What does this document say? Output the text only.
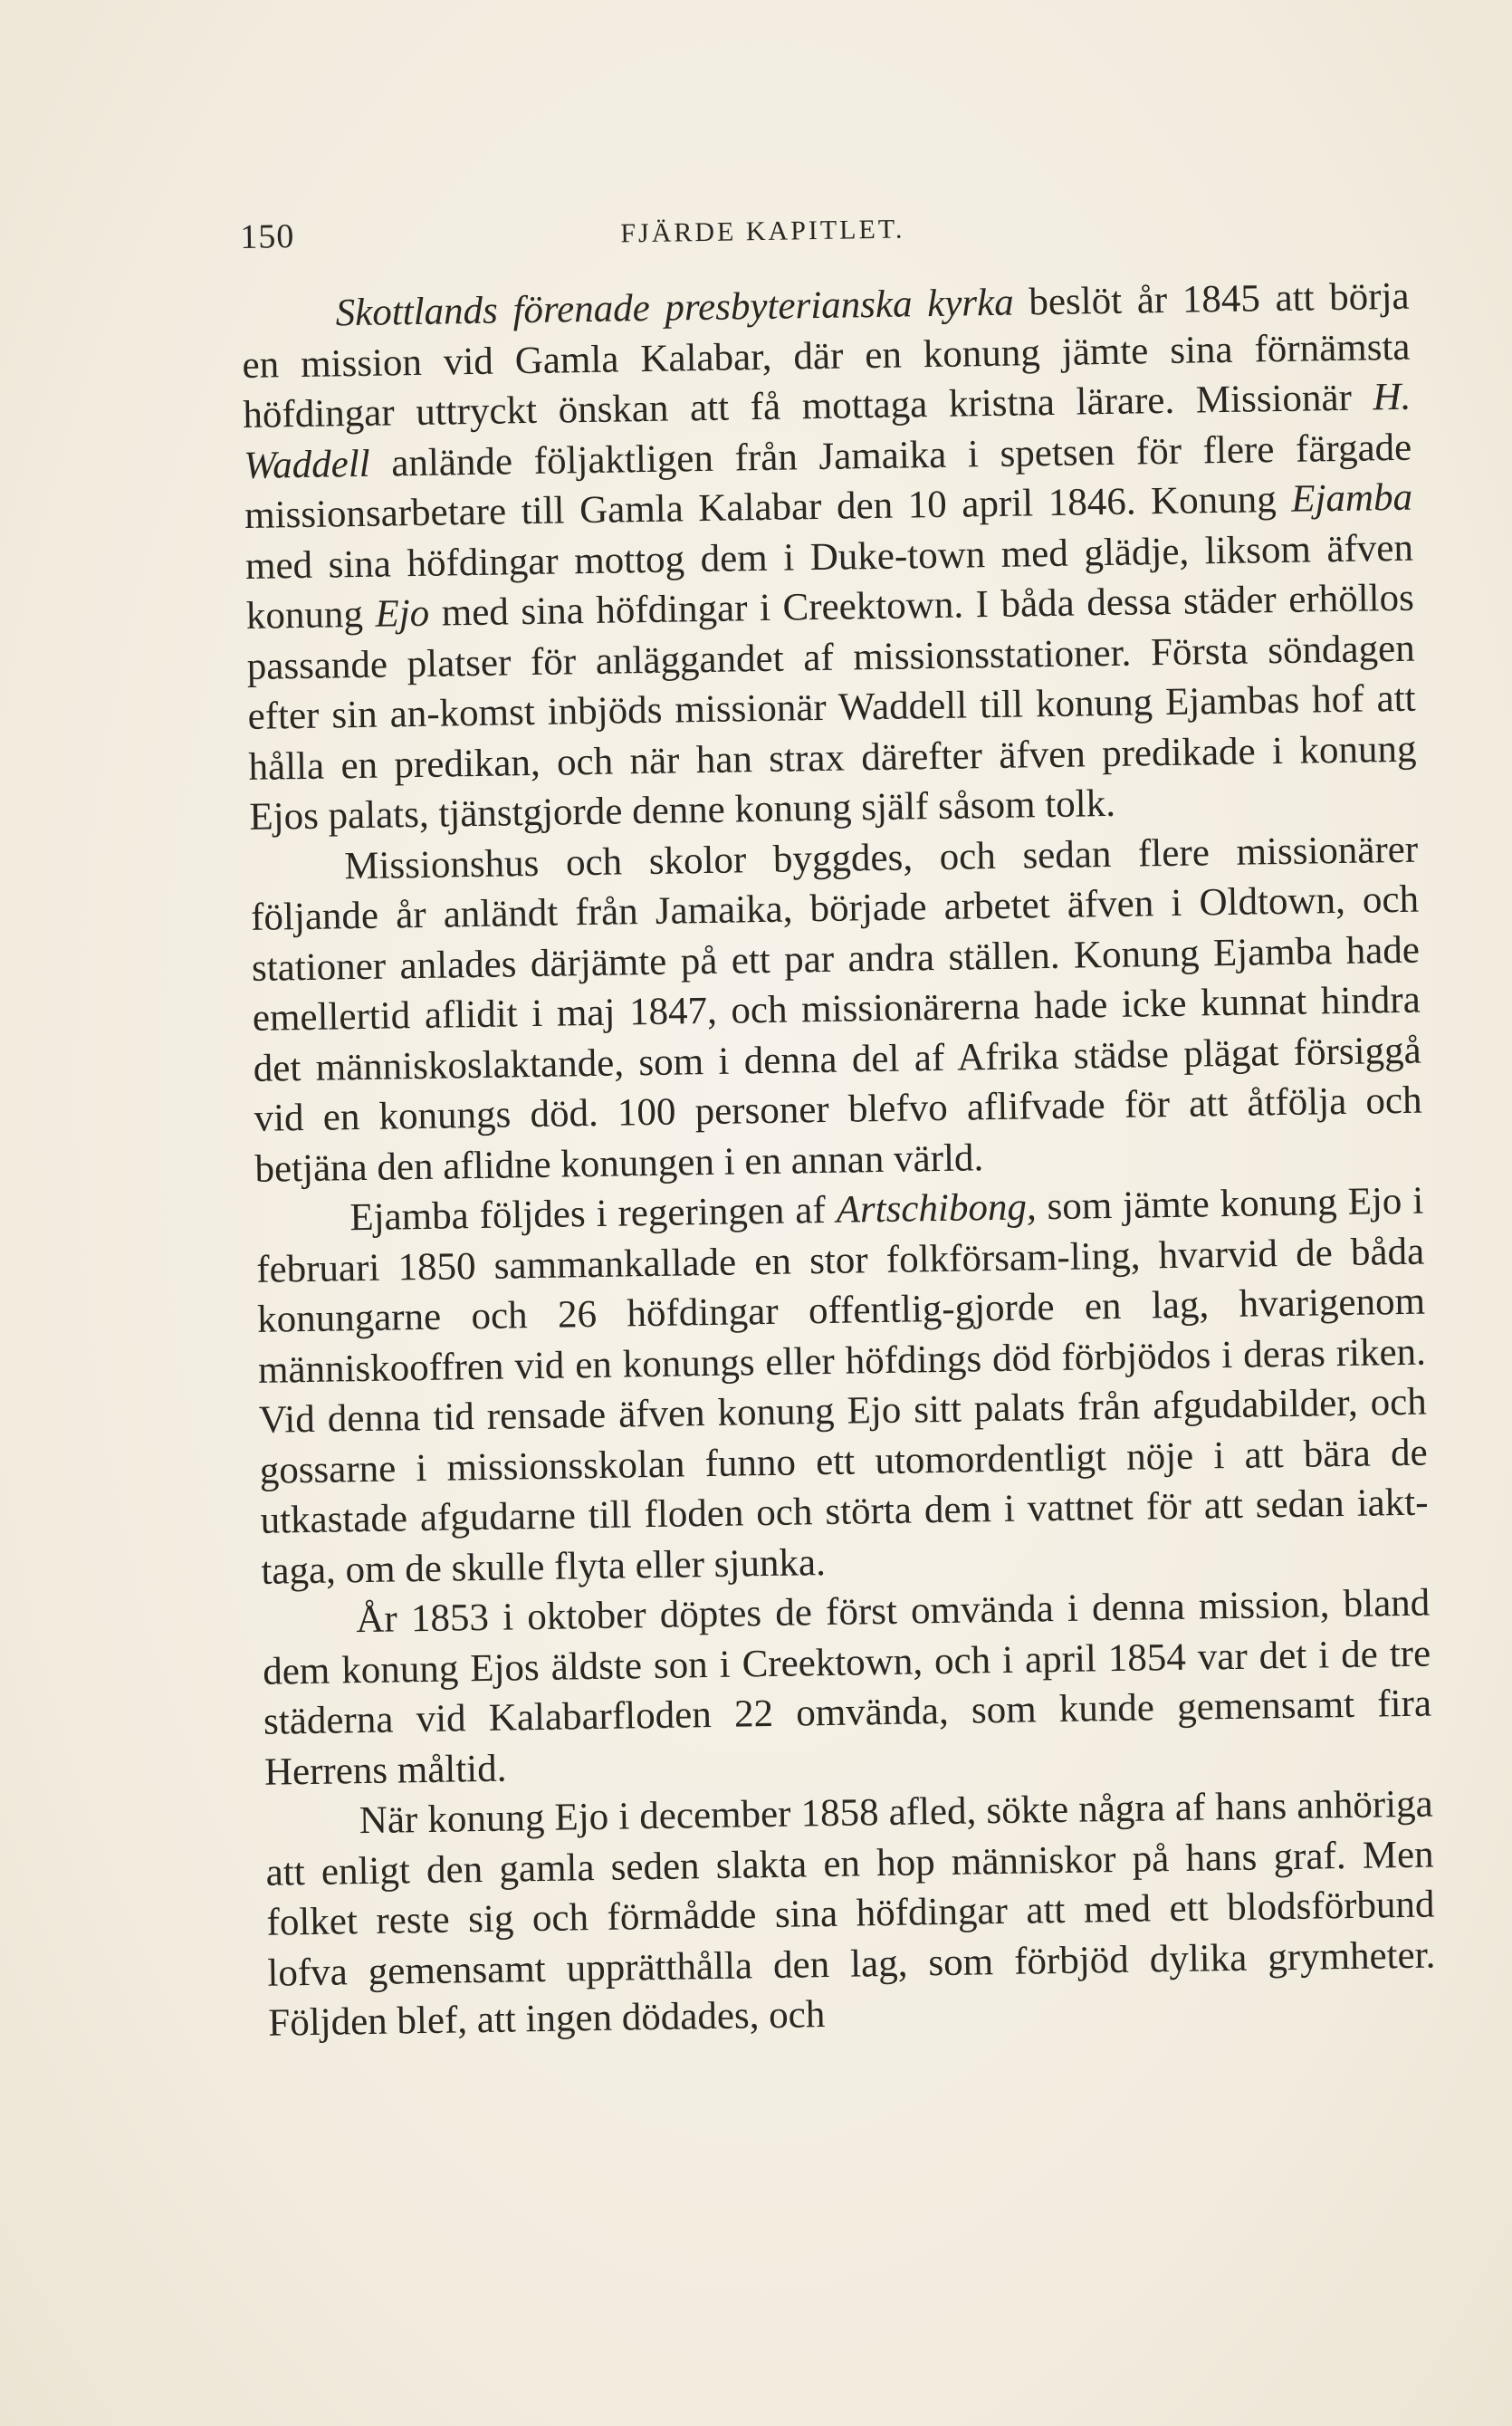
150	FJÄRDE KAPITLET.

Skottlands förenade presbyterianska kyrka beslöt år 1845 att börja en mission vid Gamla Kalabar, där en konung jämte sina förnämsta höfdingar uttryckt önskan att få mottaga kristna lärare. Missionär H. Waddell anlände följaktligen från Jamaika i spetsen för flere färgade missionsarbetare till Gamla Kalabar den 10 april 1846. Konung Ejamba med sina höfdingar mottog dem i Duke-town med glädje, liksom äfven konung Ejo med sina höfdingar i Creektown. I båda dessa städer erhöllos passande platser för anläggandet af missionsstationer. Första söndagen efter sin an-komst inbjöds missionär Waddell till konung Ejambas hof att hålla en predikan, och när han strax därefter äfven predikade i konung Ejos palats, tjänstgjorde denne konung själf såsom tolk.

Missionshus och skolor byggdes, och sedan flere missionärer följande år anländt från Jamaika, började arbetet äfven i Oldtown, och stationer anlades därjämte på ett par andra ställen. Konung Ejamba hade emellertid aflidit i maj 1847, och missionärerna hade icke kunnat hindra det människoslaktande, som i denna del af Afrika städse plägat försiggå vid en konungs död. 100 personer blefvo aflifvade för att åtfölja och betjäna den aflidne konungen i en annan värld.

Ejamba följdes i regeringen af Artschibong, som jämte konung Ejo i februari 1850 sammankallade en stor folkförsam-ling, hvarvid de båda konungarne och 26 höfdingar offentlig-gjorde en lag, hvarigenom människooffren vid en konungs eller höfdings död förbjödos i deras riken. Vid denna tid rensade äfven konung Ejo sitt palats från afgudabilder, och gossarne i missionsskolan funno ett utomordentligt nöje i att bära de utkastade afgudarne till floden och störta dem i vattnet för att sedan iakt-taga, om de skulle flyta eller sjunka.

År 1853 i oktober döptes de först omvända i denna mission, bland dem konung Ejos äldste son i Creektown, och i april 1854 var det i de tre städerna vid Kalabarfloden 22 omvända, som kunde gemensamt fira Herrens måltid.

När konung Ejo i december 1858 afled, sökte några af hans anhöriga att enligt den gamla seden slakta en hop människor på hans graf. Men folket reste sig och förmådde sina höfdingar att med ett blodsförbund lofva gemensamt upprätthålla den lag, som förbjöd dylika grymheter. Följden blef, att ingen dödades, och
